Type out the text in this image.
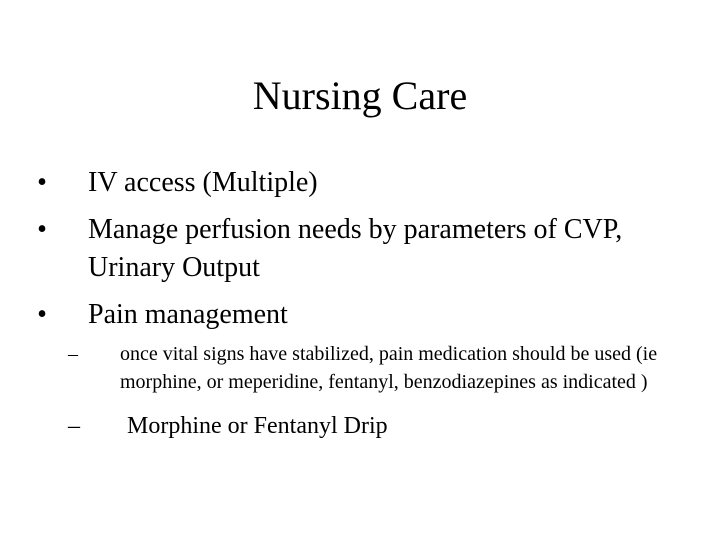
Nursing Care
• IV access (Multiple)
• Manage perfusion needs by parameters of CVP, Urinary Output
• Pain management
–	once vital signs have stabilized, pain medication should be used (ie morphine, or meperidine, fentanyl, benzodiazepines as indicated )
–	Morphine or Fentanyl Drip
